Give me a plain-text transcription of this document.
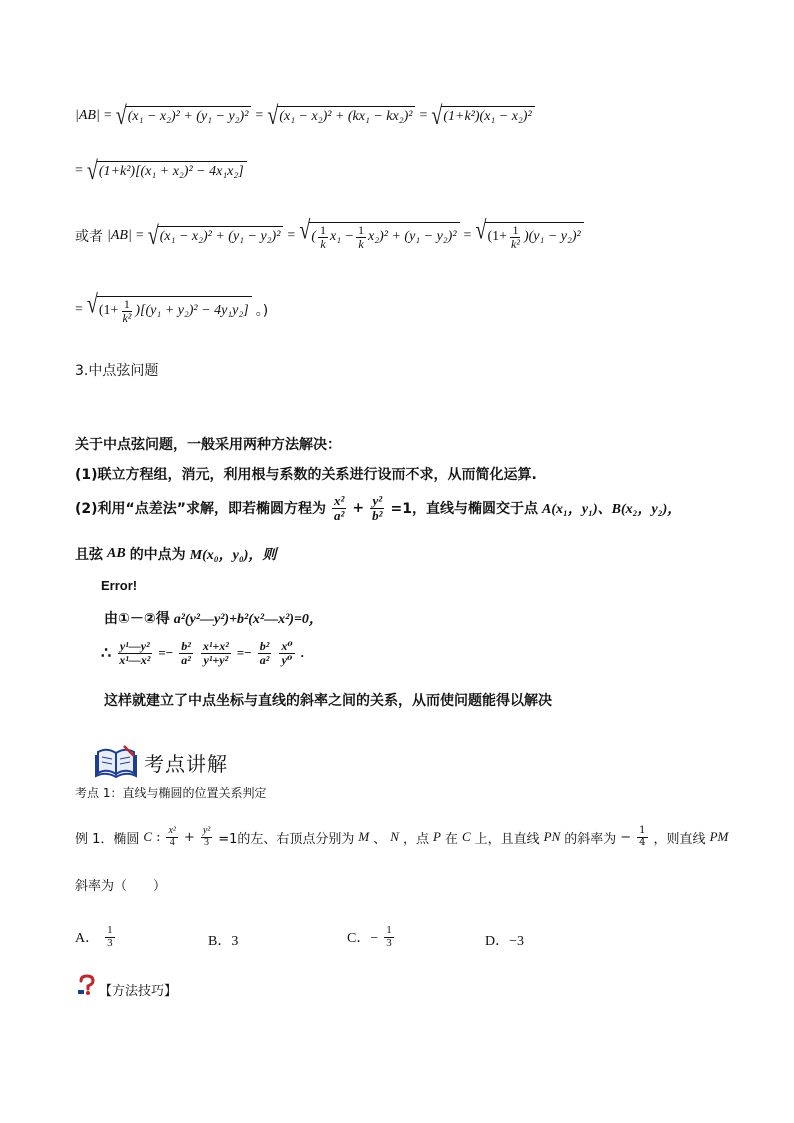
|AB| = √ (x₁ − x₂)² + (y₁ − y₂)² = √ (x₁ − x₂)² + (kx₁ − kx₂)² = √ (1+k²)(x₁ − x₂)²
= √ (1+k²)[(x₁ + x₂)² − 4x₁x₂]
或者 |AB| = √ (x₁ − x₂)² + (y₁ − y₂)² = √ ( $\frac{1}{k} x_1 - \frac{1}{k} x_2)^2 + (y_1 - y_2)^2$ = √ $(1+ \frac{1}{\text{k²}} )(y_1 - y_2)^2$
= √ $(1+ \frac{1}{\text{k²}} )[(y_1 + y_2)^2 - 4y_1y_2]$ 。)
3.中点弦问题
关于中点弦问题，一般采用两种方法解决：
(1)联立方程组，消元，利用根与系数的关系进行设而不求，从而简化运算.
(2)利用“点差法”求解，即若椭圆方程为 $\frac{\text{x²}}{\text{a²}} + \frac{\text{y²}}{\text{b²}} =1$，直线与椭圆交于点 A(x₁，y₁)、B(x₂，y₂)，
且弦 AB 的中点为 M(x₀，y₀)，则
Error!
由①－②得 a²(y²—y²)+b²(x²—x²)=0，
∴ $\frac{\text{y¹—y²}}{\text{x¹—x²}} =- \frac{\text{b²}}{\text{a²}} \frac{\text{x¹+x²}}{\text{y¹+y²}} =- \frac{\text{b²}}{\text{a²}} \frac{\text{x⁰}}{\text{y⁰}}$ .
这样就建立了中点坐标与直线的斜率之间的关系，从而使问题能得以解决
考点讲解
考点 1：直线与椭圆的位置关系判定
例 1．椭圆 C : $\frac{\text{x²}}{4} + \frac{\text{y²}}{3} =1$的左、右顶点分别为 M 、 N ，点 P 在 C 上，且直线 PN 的斜率为 − $\frac{1}{4}$ ，则直线 PM
斜率为（　　）
A． $\frac{1}{3}$	B．3	C．− $\frac{1}{3}$	D．−3
【方法技巧】
